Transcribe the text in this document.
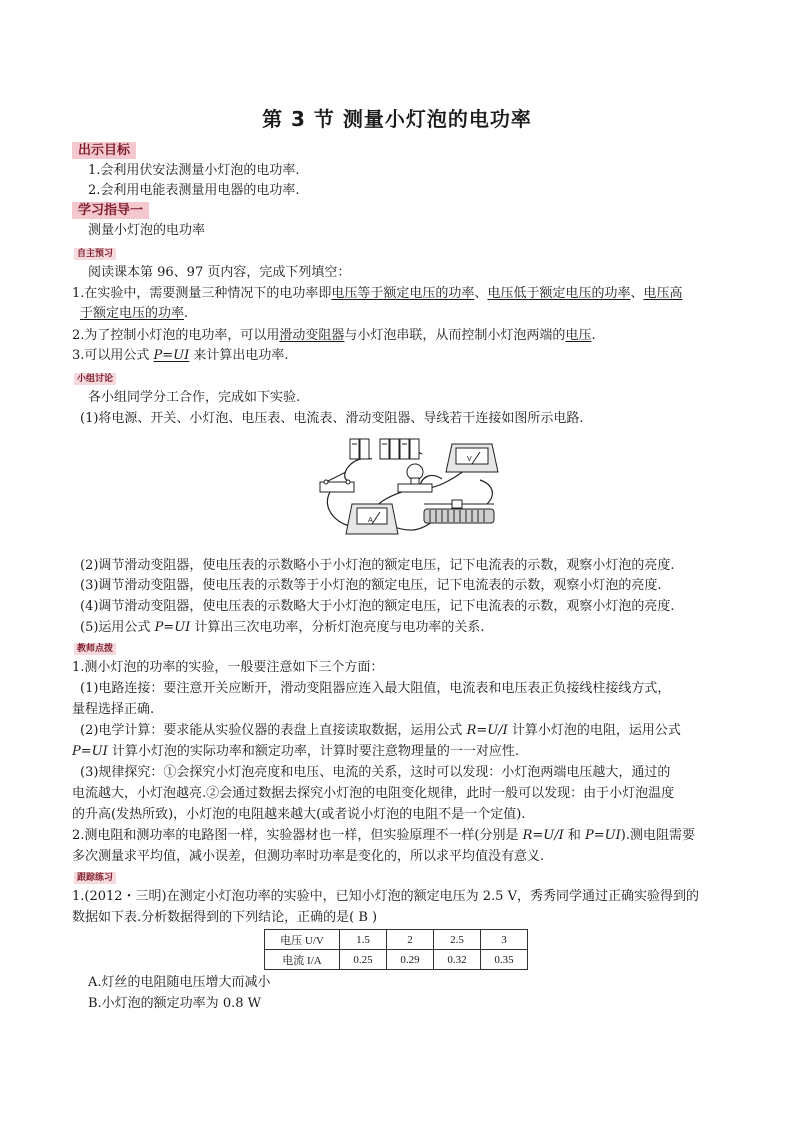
第 3 节 测量小灯泡的电功率
出示目标
1.会利用伏安法测量小灯泡的电功率.
2.会利用电能表测量用电器的电功率.
学习指导一
测量小灯泡的电功率
自主预习
阅读课本第 96、97 页内容，完成下列填空：
1.在实验中，需要测量三种情况下的电功率即电压等于额定电压的功率、电压低于额定电压的功率、电压高
于额定电压的功率.
2.为了控制小灯泡的电功率，可以用滑动变阻器与小灯泡串联，从而控制小灯泡两端的电压.
3.可以用公式 P=UI 来计算出电功率.
小组讨论
各小组同学分工合作，完成如下实验.
(1)将电源、开关、小灯泡、电压表、电流表、滑动变阻器、导线若干连接如图所示电路.
V
A
(2)调节滑动变阻器，使电压表的示数略小于小灯泡的额定电压，记下电流表的示数，观察小灯泡的亮度.
(3)调节滑动变阻器，使电压表的示数等于小灯泡的额定电压，记下电流表的示数，观察小灯泡的亮度.
(4)调节滑动变阻器，使电压表的示数略大于小灯泡的额定电压，记下电流表的示数，观察小灯泡的亮度.
(5)运用公式 P=UI 计算出三次电功率，分析灯泡亮度与电功率的关系.
教师点拨
1.测小灯泡的功率的实验，一般要注意如下三个方面：
(1)电路连接：要注意开关应断开，滑动变阻器应连入最大阻值，电流表和电压表正负接线柱接线方式，
量程选择正确.
(2)电学计算：要求能从实验仪器的表盘上直接读取数据，运用公式 R=U/I 计算小灯泡的电阻，运用公式
P=UI 计算小灯泡的实际功率和额定功率，计算时要注意物理量的一一对应性.
(3)规律探究：①会探究小灯泡亮度和电压、电流的关系，这时可以发现：小灯泡两端电压越大，通过的
电流越大，小灯泡越亮.②会通过数据去探究小灯泡的电阻变化规律，此时一般可以发现：由于小灯泡温度
的升高(发热所致)，小灯泡的电阻越来越大(或者说小灯泡的电阻不是一个定值).
2.测电阻和测功率的电路图一样，实验器材也一样，但实验原理不一样(分别是 R=U/I 和 P=UI).测电阻需要
多次测量求平均值，减小误差，但测功率时功率是变化的，所以求平均值没有意义.
跟踪练习
1.(2012・三明)在测定小灯泡功率的实验中，已知小灯泡的额定电压为 2.5 V，秀秀同学通过正确实验得到的
数据如下表.分析数据得到的下列结论，正确的是( B )
电压 U/V	1.5	2	2.5	3
电流 I/A	0.25	0.29	0.32	0.35
A.灯丝的电阻随电压增大而减小
B.小灯泡的额定功率为 0.8 W
